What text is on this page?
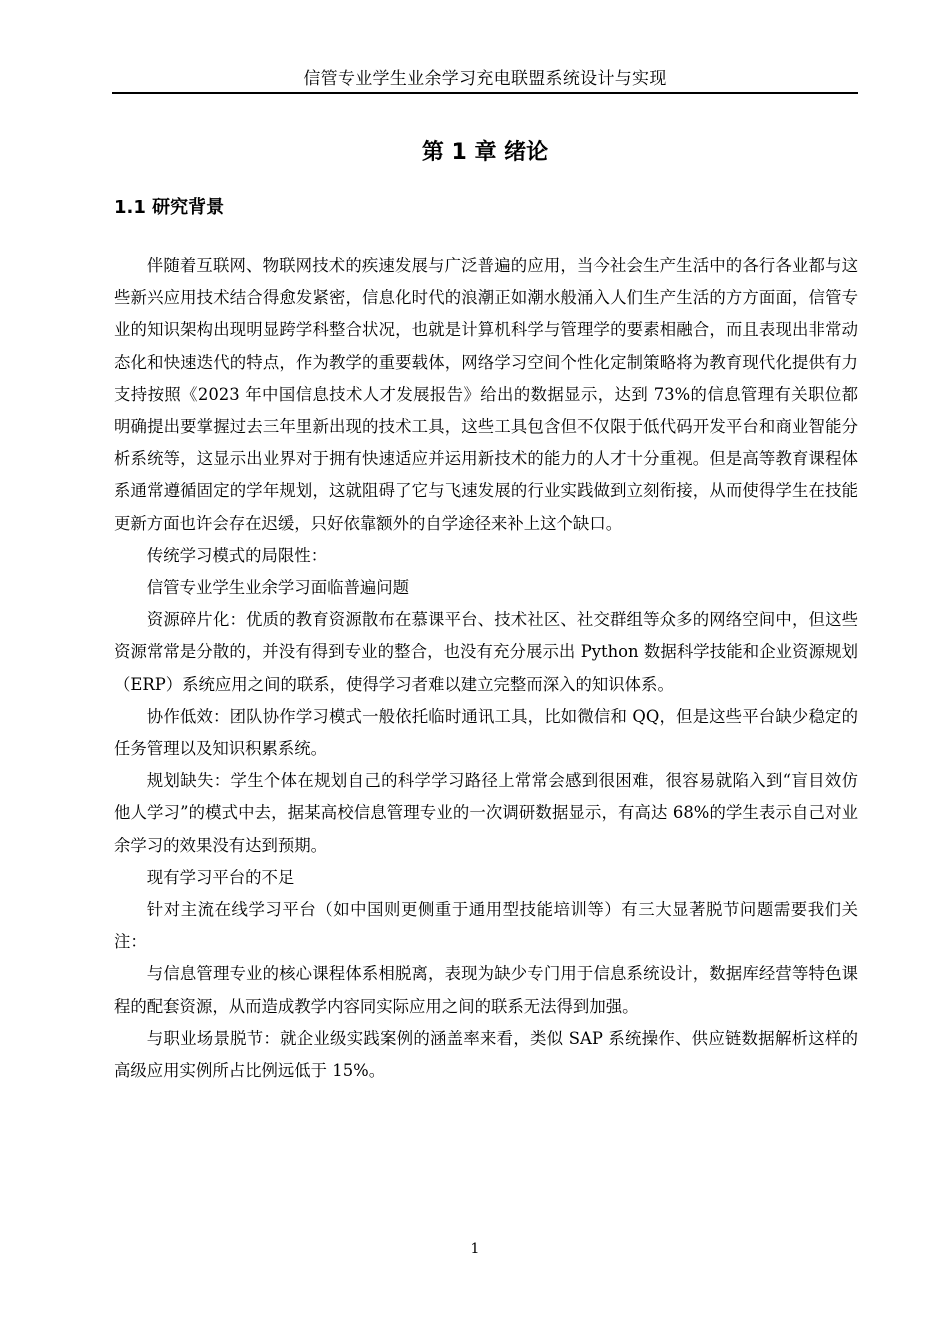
信管专业学生业余学习充电联盟系统设计与实现
第 1 章 绪论
1.1 研究背景

伴随着互联网、物联网技术的疾速发展与广泛普遍的应用，当今社会生产生活中的各行各业都与这些新兴应用技术结合得愈发紧密，信息化时代的浪潮正如潮水般涌入人们生产生活的方方面面，信管专业的知识架构出现明显跨学科整合状况，也就是计算机科学与管理学的要素相融合，而且表现出非常动态化和快速迭代的特点，作为教学的重要载体，网络学习空间个性化定制策略将为教育现代化提供有力支持按照《2023 年中国信息技术人才发展报告》给出的数据显示，达到 73%的信息管理有关职位都明确提出要掌握过去三年里新出现的技术工具，这些工具包含但不仅限于低代码开发平台和商业智能分析系统等，这显示出业界对于拥有快速适应并运用新技术的能力的人才十分重视。但是高等教育课程体系通常遵循固定的学年规划，这就阻碍了它与飞速发展的行业实践做到立刻衔接，从而使得学生在技能更新方面也许会存在迟缓，只好依靠额外的自学途径来补上这个缺口。

传统学习模式的局限性：

信管专业学生业余学习面临普遍问题

资源碎片化：优质的教育资源散布在慕课平台、技术社区、社交群组等众多的网络空间中，但这些资源常常是分散的，并没有得到专业的整合，也没有充分展示出 Python 数据科学技能和企业资源规划（ERP）系统应用之间的联系，使得学习者难以建立完整而深入的知识体系。

协作低效：团队协作学习模式一般依托临时通讯工具，比如微信和 QQ，但是这些平台缺少稳定的任务管理以及知识积累系统。

规划缺失：学生个体在规划自己的科学学习路径上常常会感到很困难，很容易就陷入到“盲目效仿他人学习”的模式中去，据某高校信息管理专业的一次调研数据显示，有高达 68%的学生表示自己对业余学习的效果没有达到预期。

现有学习平台的不足

针对主流在线学习平台（如中国则更侧重于通用型技能培训等）有三大显著脱节问题需要我们关注：

与信息管理专业的核心课程体系相脱离，表现为缺少专门用于信息系统设计，数据库经营等特色课程的配套资源，从而造成教学内容同实际应用之间的联系无法得到加强。

与职业场景脱节：就企业级实践案例的涵盖率来看，类似 SAP 系统操作、供应链数据解析这样的高级应用实例所占比例远低于 15%。

1
